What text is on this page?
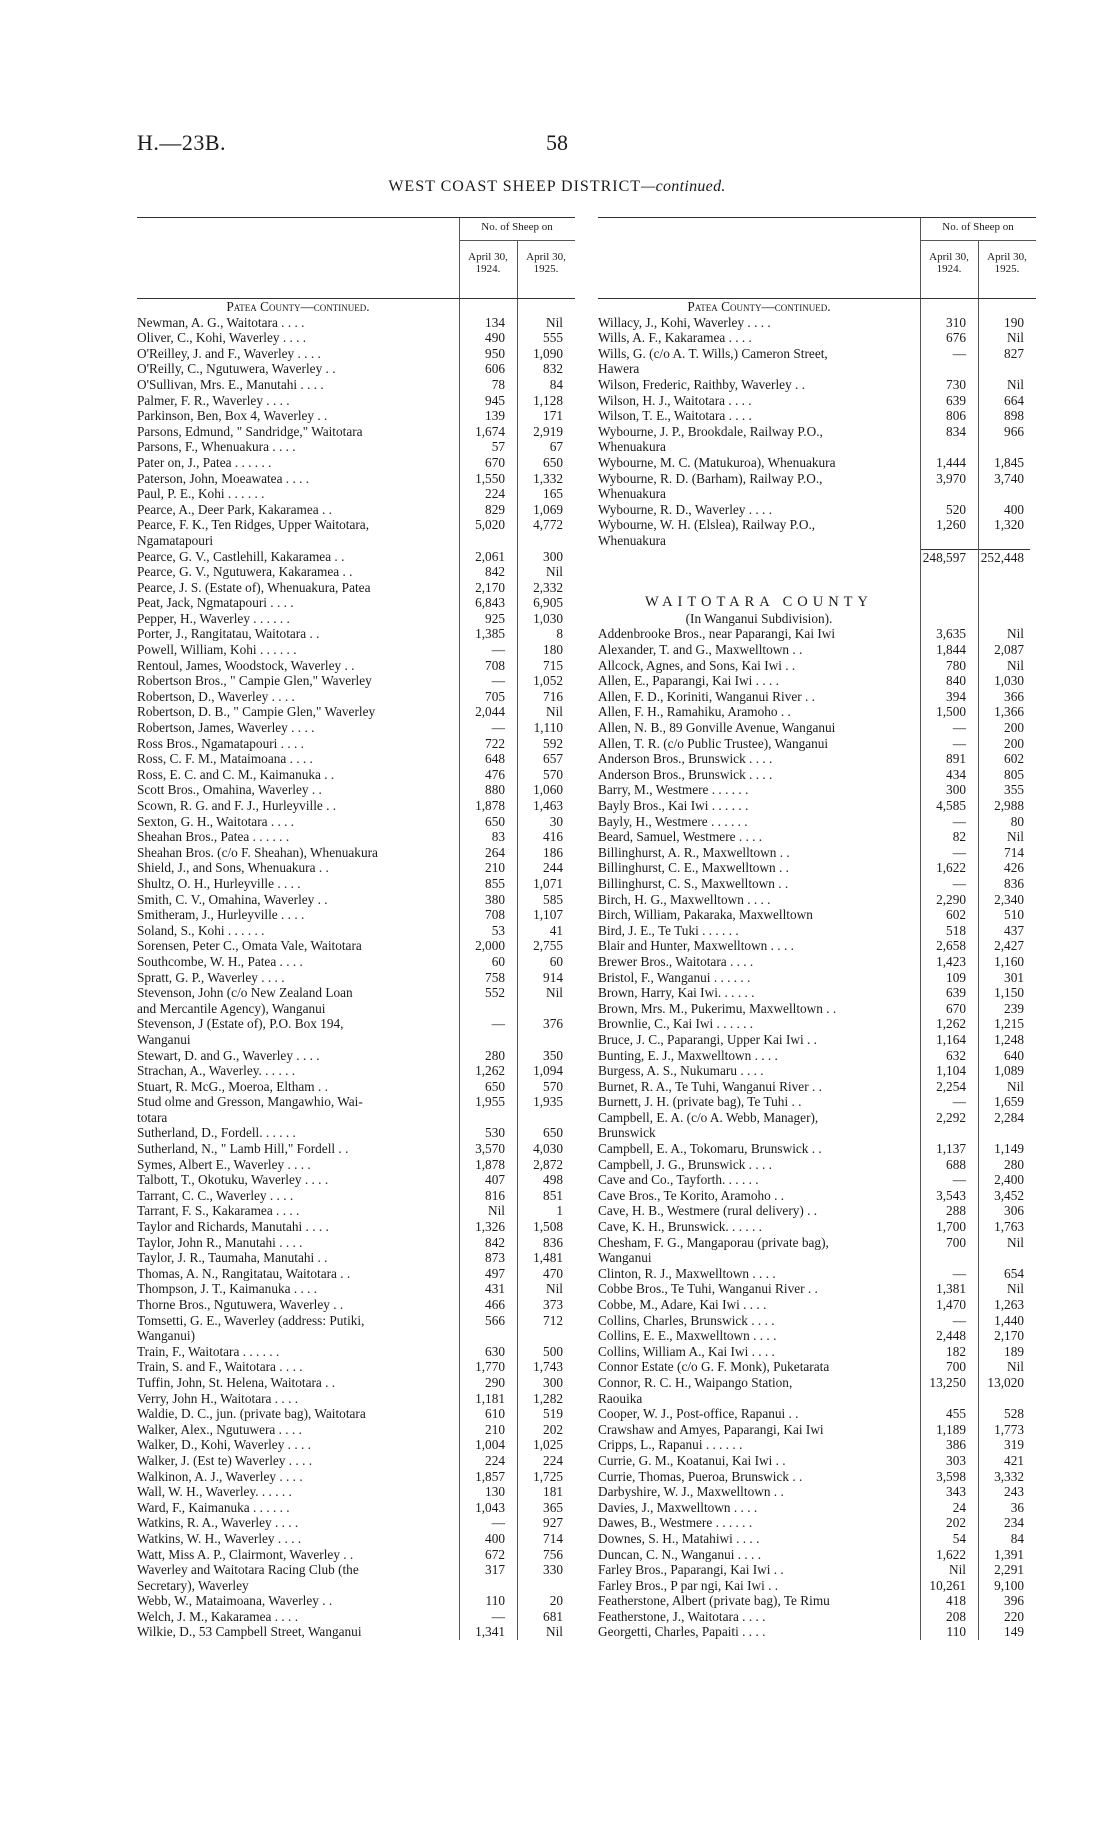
H.—23B.	58
WEST COAST SHEEP DISTRICT—continued.
No. of Sheep on
April 30, 1924.
April 30, 1925.
Patea County—continued.
Newman, A. G., Waitotara . . . .	134	Nil
Oliver, C., Kohi, Waverley . . . .	490	555
O'Reilley, J. and F., Waverley . . . .	950	1,090
O'Reilly, C., Ngutuwera, Waverley . .	606	832
O'Sullivan, Mrs. E., Manutahi . . . .	78	84
Palmer, F. R., Waverley . . . .	945	1,128
Parkinson, Ben, Box 4, Waverley . .	139	171
Parsons, Edmund, " Sandridge," Waitotara	1,674	2,919
Parsons, F., Whenuakura . . . .	57	67
Pater on, J., Patea . . . . . .	670	650
Paterson, John, Moeawatea . . . .	1,550	1,332
Paul, P. E., Kohi . . . . . .	224	165
Pearce, A., Deer Park, Kakaramea . .	829	1,069
Pearce, F. K., Ten Ridges, Upper Waitotara,	5,020	4,772
Ngamatapouri
Pearce, G. V., Castlehill, Kakaramea . .	2,061	300
Pearce, G. V., Ngutuwera, Kakaramea . .	842	Nil
Pearce, J. S. (Estate of), Whenuakura, Patea	2,170	2,332
Peat, Jack, Ngmatapouri . . . .	6,843	6,905
Pepper, H., Waverley . . . . . .	925	1,030
Porter, J., Rangitatau, Waitotara . .	1,385	8
Powell, William, Kohi . . . . . .	—	180
Rentoul, James, Woodstock, Waverley . .	708	715
Robertson Bros., " Campie Glen," Waverley	—	1,052
Robertson, D., Waverley . . . .	705	716
Robertson, D. B., " Campie Glen," Waverley	2,044	Nil
Robertson, James, Waverley . . . .	—	1,110
Ross Bros., Ngamatapouri . . . .	722	592
Ross, C. F. M., Mataimoana . . . .	648	657
Ross, E. C. and C. M., Kaimanuka . .	476	570
Scott Bros., Omahina, Waverley . .	880	1,060
Scown, R. G. and F. J., Hurleyville . .	1,878	1,463
Sexton, G. H., Waitotara . . . .	650	30
Sheahan Bros., Patea . . . . . .	83	416
Sheahan Bros. (c/o F. Sheahan), Whenuakura	264	186
Shield, J., and Sons, Whenuakura . .	210	244
Shultz, O. H., Hurleyville . . . .	855	1,071
Smith, C. V., Omahina, Waverley . .	380	585
Smitheram, J., Hurleyville . . . .	708	1,107
Soland, S., Kohi . . . . . .	53	41
Sorensen, Peter C., Omata Vale, Waitotara	2,000	2,755
Southcombe, W. H., Patea . . . .	60	60
Spratt, G. P., Waverley . . . .	758	914
Stevenson, John (c/o New Zealand Loan	552	Nil
and Mercantile Agency), Wanganui
Stevenson, J (Estate of), P.O. Box 194,	—	376
Wanganui
Stewart, D. and G., Waverley . . . .	280	350
Strachan, A., Waverley. . . . . .	1,262	1,094
Stuart, R. McG., Moeroa, Eltham . .	650	570
Stud olme and Gresson, Mangawhio, Wai-	1,955	1,935
totara
Sutherland, D., Fordell. . . . . .	530	650
Sutherland, N., " Lamb Hill," Fordell . .	3,570	4,030
Symes, Albert E., Waverley . . . .	1,878	2,872
Talbott, T., Okotuku, Waverley . . . .	407	498
Tarrant, C. C., Waverley . . . .	816	851
Tarrant, F. S., Kakaramea . . . .	Nil	1
Taylor and Richards, Manutahi . . . .	1,326	1,508
Taylor, John R., Manutahi . . . .	842	836
Taylor, J. R., Taumaha, Manutahi . .	873	1,481
Thomas, A. N., Rangitatau, Waitotara . .	497	470
Thompson, J. T., Kaimanuka . . . .	431	Nil
Thorne Bros., Ngutuwera, Waverley . .	466	373
Tomsetti, G. E., Waverley (address: Putiki,	566	712
Wanganui)
Train, F., Waitotara . . . . . .	630	500
Train, S. and F., Waitotara . . . .	1,770	1,743
Tuffin, John, St. Helena, Waitotara . .	290	300
Verry, John H., Waitotara . . . .	1,181	1,282
Waldie, D. C., jun. (private bag), Waitotara	610	519
Walker, Alex., Ngutuwera . . . .	210	202
Walker, D., Kohi, Waverley . . . .	1,004	1,025
Walker, J. (Est te) Waverley . . . .	224	224
Walkinon, A. J., Waverley . . . .	1,857	1,725
Wall, W. H., Waverley. . . . . .	130	181
Ward, F., Kaimanuka . . . . . .	1,043	365
Watkins, R. A., Waverley . . . .	—	927
Watkins, W. H., Waverley . . . .	400	714
Watt, Miss A. P., Clairmont, Waverley . .	672	756
Waverley and Waitotara Racing Club (the	317	330
Secretary), Waverley
Webb, W., Mataimoana, Waverley . .	110	20
Welch, J. M., Kakaramea . . . .	—	681
Wilkie, D., 53 Campbell Street, Wanganui	1,341	Nil
No. of Sheep on
April 30, 1924.
April 30, 1925.
Patea County—continued.
Willacy, J., Kohi, Waverley . . . .	310	190
Wills, A. F., Kakaramea . . . .	676	Nil
Wills, G. (c/o A. T. Wills,) Cameron Street,	—	827
Hawera
Wilson, Frederic, Raithby, Waverley . .	730	Nil
Wilson, H. J., Waitotara . . . .	639	664
Wilson, T. E., Waitotara . . . .	806	898
Wybourne, J. P., Brookdale, Railway P.O.,	834	966
Whenuakura
Wybourne, M. C. (Matukuroa), Whenuakura	1,444	1,845
Wybourne, R. D. (Barham), Railway P.O.,	3,970	3,740
Whenuakura
Wybourne, R. D., Waverley . . . .	520	400
Wybourne, W. H. (Elslea), Railway P.O.,	1,260	1,320
Whenuakura
248,597	252,448
WAITOTARA COUNTY
(In Wanganui Subdivision).
Addenbrooke Bros., near Paparangi, Kai Iwi	3,635	Nil
Alexander, T. and G., Maxwelltown . .	1,844	2,087
Allcock, Agnes, and Sons, Kai Iwi . .	780	Nil
Allen, E., Paparangi, Kai Iwi . . . .	840	1,030
Allen, F. D., Koriniti, Wanganui River . .	394	366
Allen, F. H., Ramahiku, Aramoho . .	1,500	1,366
Allen, N. B., 89 Gonville Avenue, Wanganui	—	200
Allen, T. R. (c/o Public Trustee), Wanganui	—	200
Anderson Bros., Brunswick . . . .	891	602
Anderson Bros., Brunswick . . . .	434	805
Barry, M., Westmere . . . . . .	300	355
Bayly Bros., Kai Iwi . . . . . .	4,585	2,988
Bayly, H., Westmere . . . . . .	—	80
Beard, Samuel, Westmere . . . .	82	Nil
Billinghurst, A. R., Maxwelltown . .	—	714
Billinghurst, C. E., Maxwelltown . .	1,622	426
Billinghurst, C. S., Maxwelltown . .	—	836
Birch, H. G., Maxwelltown . . . .	2,290	2,340
Birch, William, Pakaraka, Maxwelltown	602	510
Bird, J. E., Te Tuki . . . . . .	518	437
Blair and Hunter, Maxwelltown . . . .	2,658	2,427
Brewer Bros., Waitotara . . . .	1,423	1,160
Bristol, F., Wanganui . . . . . .	109	301
Brown, Harry, Kai Iwi. . . . . .	639	1,150
Brown, Mrs. M., Pukerimu, Maxwelltown . .	670	239
Brownlie, C., Kai Iwi . . . . . .	1,262	1,215
Bruce, J. C., Paparangi, Upper Kai Iwi . .	1,164	1,248
Bunting, E. J., Maxwelltown . . . .	632	640
Burgess, A. S., Nukumaru . . . .	1,104	1,089
Burnet, R. A., Te Tuhi, Wanganui River . .	2,254	Nil
Burnett, J. H. (private bag), Te Tuhi . .	—	1,659
Campbell, E. A. (c/o A. Webb, Manager),	2,292	2,284
Brunswick
Campbell, E. A., Tokomaru, Brunswick . .	1,137	1,149
Campbell, J. G., Brunswick . . . .	688	280
Cave and Co., Tayforth. . . . . .	—	2,400
Cave Bros., Te Korito, Aramoho . .	3,543	3,452
Cave, H. B., Westmere (rural delivery) . .	288	306
Cave, K. H., Brunswick. . . . . .	1,700	1,763
Chesham, F. G., Mangaporau (private bag),	700	Nil
Wanganui
Clinton, R. J., Maxwelltown . . . .	—	654
Cobbe Bros., Te Tuhi, Wanganui River . .	1,381	Nil
Cobbe, M., Adare, Kai Iwi . . . .	1,470	1,263
Collins, Charles, Brunswick . . . .	—	1,440
Collins, E. E., Maxwelltown . . . .	2,448	2,170
Collins, William A., Kai Iwi . . . .	182	189
Connor Estate (c/o G. F. Monk), Puketarata	700	Nil
Connor, R. C. H., Waipango Station,	13,250	13,020
Raouika
Cooper, W. J., Post-office, Rapanui . .	455	528
Crawshaw and Amyes, Paparangi, Kai Iwi	1,189	1,773
Cripps, L., Rapanui . . . . . .	386	319
Currie, G. M., Koatanui, Kai Iwi . .	303	421
Currie, Thomas, Pueroa, Brunswick . .	3,598	3,332
Darbyshire, W. J., Maxwelltown . .	343	243
Davies, J., Maxwelltown . . . .	24	36
Dawes, B., Westmere . . . . . .	202	234
Downes, S. H., Matahiwi . . . .	54	84
Duncan, C. N., Wanganui . . . .	1,622	1,391
Farley Bros., Paparangi, Kai Iwi . .	Nil	2,291
Farley Bros., P par ngi, Kai Iwi . .	10,261	9,100
Featherstone, Albert (private bag), Te Rimu	418	396
Featherstone, J., Waitotara . . . .	208	220
Georgetti, Charles, Papaiti . . . .	110	149
